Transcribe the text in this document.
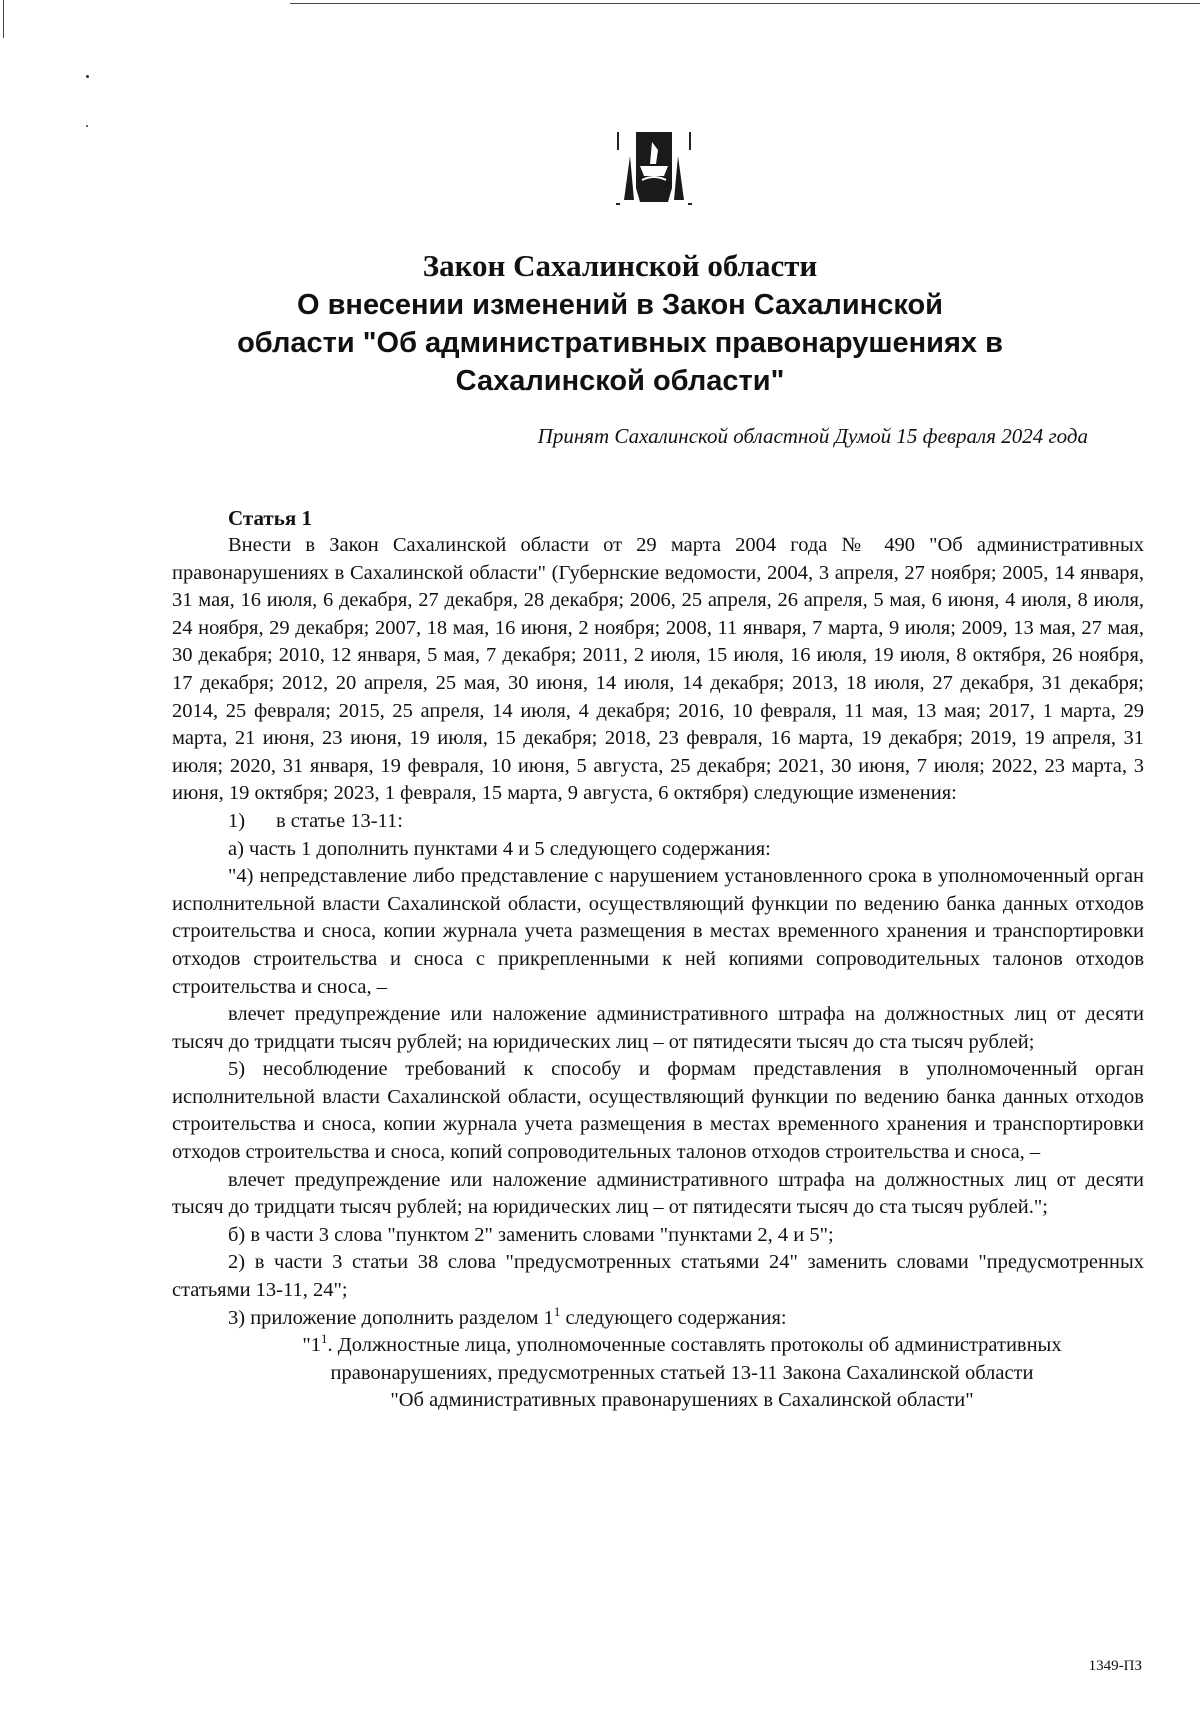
Закон Сахалинской области
О внесении изменений в Закон Сахалинской
области "Об административных правонарушениях в
Сахалинской области"
Принят Сахалинской областной Думой 15 февраля 2024 года
Статья 1

Внести в Закон Сахалинской области от 29 марта 2004 года № 490 "Об административных правонарушениях в Сахалинской области" (Губернские ведомости, 2004, 3 апреля, 27 ноября; 2005, 14 января, 31 мая, 16 июля, 6 декабря, 27 декабря, 28 декабря; 2006, 25 апреля, 26 апреля, 5 мая, 6 июня, 4 июля, 8 июля, 24 ноября, 29 декабря; 2007, 18 мая, 16 июня, 2 ноября; 2008, 11 января, 7 марта, 9 июля; 2009, 13 мая, 27 мая, 30 декабря; 2010, 12 января, 5 мая, 7 декабря; 2011, 2 июля, 15 июля, 16 июля, 19 июля, 8 октября, 26 ноября, 17 декабря; 2012, 20 апреля, 25 мая, 30 июня, 14 июля, 14 декабря; 2013, 18 июля, 27 декабря, 31 декабря; 2014, 25 февраля; 2015, 25 апреля, 14 июля, 4 декабря; 2016, 10 февраля, 11 мая, 13 мая; 2017, 1 марта, 29 марта, 21 июня, 23 июня, 19 июля, 15 декабря; 2018, 23 февраля, 16 марта, 19 декабря; 2019, 19 апреля, 31 июля; 2020, 31 января, 19 февраля, 10 июня, 5 августа, 25 декабря; 2021, 30 июня, 7 июля; 2022, 23 марта, 3 июня, 19 октября; 2023, 1 февраля, 15 марта, 9 августа, 6 октября) следующие изменения:

1) в статье 13-11:

а) часть 1 дополнить пунктами 4 и 5 следующего содержания:

"4) непредставление либо представление с нарушением установленного срока в уполномоченный орган исполнительной власти Сахалинской области, осуществляющий функции по ведению банка данных отходов строительства и сноса, копии журнала учета размещения в местах временного хранения и транспортировки отходов строительства и сноса с прикрепленными к ней копиями сопроводительных талонов отходов строительства и сноса, –

влечет предупреждение или наложение административного штрафа на должностных лиц от десяти тысяч до тридцати тысяч рублей; на юридических лиц – от пятидесяти тысяч до ста тысяч рублей;

5) несоблюдение требований к способу и формам представления в уполномоченный орган исполнительной власти Сахалинской области, осуществляющий функции по ведению банка данных отходов строительства и сноса, копии журнала учета размещения в местах временного хранения и транспортировки отходов строительства и сноса, копий сопроводительных талонов отходов строительства и сноса, –

влечет предупреждение или наложение административного штрафа на должностных лиц от десяти тысяч до тридцати тысяч рублей; на юридических лиц – от пятидесяти тысяч до ста тысяч рублей.";

б) в части 3 слова "пунктом 2" заменить словами "пунктами 2, 4 и 5";

2) в части 3 статьи 38 слова "предусмотренных статьями 24" заменить словами "предусмотренных статьями 13-11, 24";

3) приложение дополнить разделом $1^1$ следующего содержания:

"$1^1$. Должностные лица, уполномоченные составлять протоколы об административных правонарушениях, предусмотренных статьей 13-11 Закона Сахалинской области
"Об административных правонарушениях в Сахалинской области"
1349-ПЗ
